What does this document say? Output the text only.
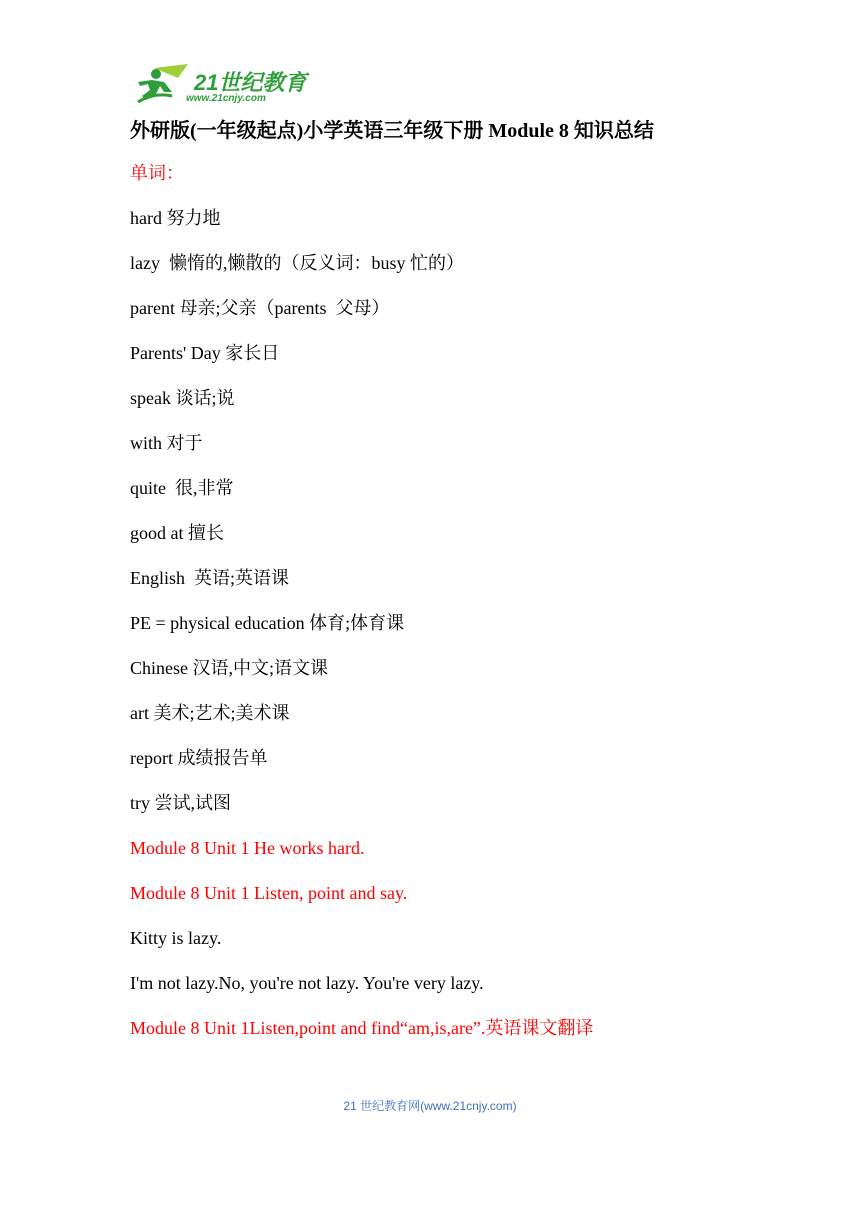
21世纪教育
www.21cnjy.com
外研版(一年级起点)小学英语三年级下册 Module 8 知识总结
单词：
hard 努力地
lazy  懒惰的,懒散的（反义词：busy 忙的）
parent 母亲;父亲（parents  父母）
Parents' Day 家长日
speak 谈话;说
with 对于
quite  很,非常
good at 擅长
English  英语;英语课
PE = physical education 体育;体育课
Chinese 汉语,中文;语文课
art 美术;艺术;美术课
report 成绩报告单
try 尝试,试图
Module 8 Unit 1 He works hard.
Module 8 Unit 1 Listen, point and say.
Kitty is lazy.
I'm not lazy.No, you're not lazy. You're very lazy.
Module 8 Unit 1Listen,point and find“am,is,are”.英语课文翻译
21 世纪教育网(www.21cnjy.com)
